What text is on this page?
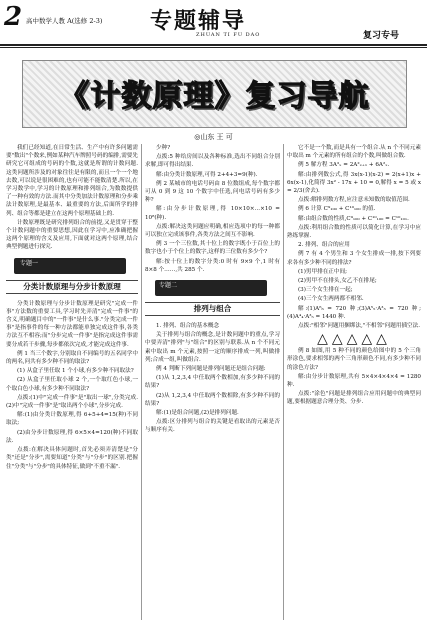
2 高中数学人教 A(选修 2-3) 专题辅导
ZHUAN TI FU DAO	复习专号
《计数原理》复习导航
◎山东 王 可

我们已经知道,在日常生活、生产中有许多问题需要"数出"个数来,例如某种汽车牌照号码的编排,需要先研究它可组成的号码的个数,这就是所谓的计数问题.这类问题所涉及的对象往往是有限的,而且一个一个地去数,可以说是很困难的,也有可能不能数清楚.所以,在学习数学中,学习的计数原理和排列组合,为数数提供了一种有效的方法.而其中分类加法计数原理和分步乘法计数原理,是最基本、最重要的方法,后面所学的排列、组合等都是建立在这两个原理基础上的.

计数原理既是研究排列组合的前提,又是贯穿于整个计数问题中的重要思想,因此在学习中,应准确把握这两个原理的含义及应用,下面就对这两个原理,结合典型例题进行探究.

专题一
分类计数原理与分步计数原理

分类计数原理与分步计数原理是研究"完成一件事"方法数的重要工具,学习时先弄清"完成一件事"的含义,明确题目中的"一件事"是什么事."分类完成一件事"是指事件的每一种方法都能单独完成这件事,各类方法互不相容;而"分步完成一件事"是指完成这件事需要分成若干步骤,每步都依次完成,才能完成这件事.

例 1 当三个数字,分别取自不同编号的五名同学中的两名,问共有多少种不同的取法?

(1) 从盒子里任取 1 个小球,有多少种不同取法?

(2) 从盒子里任取小球 2 个,一个取红色小球,一个取白色小球,有多少种不同取法?

点拨:(1)中"完成一件事"是"取出一球",分类完成.(2)中"完成一件事"是"取出两个小球",分步完成.

解:(1)由分类计数原理,得 6+5+4=15(种)不同取法;

(2)由分步计数原理,得 6×5×4=120(种)不同取法.

点拨:在解决具体问题时,首先必须弄清楚是"分类"还是"分步",需要知道"分类"与"分步"的区别.把握住"分类"与"分步"的具体特征,做到"不重不漏".

少种?

点拨:5 种给房间以及各种标准,选出不同组合分别求解,即可得出结果.

解:由分类计数原理,可得 2+4+3=9(种).

例 2 某城市的电话号码由 8 位数组成,每个数字都可从 0 到 9 这 10 个数字中任选,问电话号码有多少种?

解:由分步计数原理,得 10×10×…×10 = 10⁸(种).

点拨:解决这类问题应明确,相应选项中的每一种都可以独立完成该事件,各类方法之间互不影响.

例 3 一个三位数,其十位上的数字既小于百位上的数字也小于个位上的数字,这样的三位数有多少个?

解:按十位上的数字分类:0 时有 9×9 个,1 时有 8×8 个……,共 285 个.

专题二
排列与组合

1. 排列、组合的基本概念

关于排列与组合的概念,是计数问题中的重点,学习中要弄清"排列"与"组合"的区别与联系.从 n 个不同元素中取出 m 个元素,按照一定的顺序排成一列,叫做排列;合成一组,叫做组合.

例 4 判断下列问题是排列问题还是组合问题:

(1)从 1,2,3,4 中任取两个数相加,有多少种不同的结果?

(2)从 1,2,3,4 中任取两个数相除,有多少种不同的结果?

解:(1)是组合问题,(2)是排列问题.

点拨:区分排列与组合的关键是看取出的元素是否与顺序有关.

它不是一个数,而是具有一个组合.从 n 个不同元素中取出 m 个元素的所有组合的个数,叫做组合数.

例 5 解方程 3A³ₓ = 2A²ₓ₊₁ + 6A²ₓ.

解:由排列数公式,得 3x(x-1)(x-2) = 2(x+1)x + 6x(x-1),化简得 3x² - 17x + 10 = 0,解得 x = 5 或 x = 2/3(舍去).

点拨:解排列数方程,应注意未知数的取值范围.

例 6 计算 C⁹₁₀₀ + C¹⁰₁₀₀ 的值.

解:由组合数的性质,C⁹₁₀₀ + C¹⁰₁₀₀ = C¹⁰₁₀₁.

点拨:利用组合数的性质可以简化计算,在学习中应熟练掌握.

2. 排列、组合的应用

例 7 有 4 个男生和 3 个女生排成一排,按下列要求各有多少种不同的排法?

(1)男甲排在正中间;

(2)男甲不在排头,女乙不在排尾;

(3)三个女生排在一起;

(4)三个女生两两都不相邻.

解:(1)A⁶₆ = 720 种;(3)A⁵₅·A³₃ = 720 种;(4)A⁴₄·A³₅ = 1440 种.

点拨:"相邻"问题用捆绑法,"不相邻"问题用插空法.

△△△△△

例 8 如图,用 5 种不同的颜色给图中的 5 个三角形涂色,要求相邻的两个三角形颜色不同,有多少种不同的涂色方法?

解:由分步计数原理,共有 5×4×4×4×4 = 1280 种.

点拨:"涂色"问题是排列组合应用问题中的典型问题,要根据题意合理分类、分步.
